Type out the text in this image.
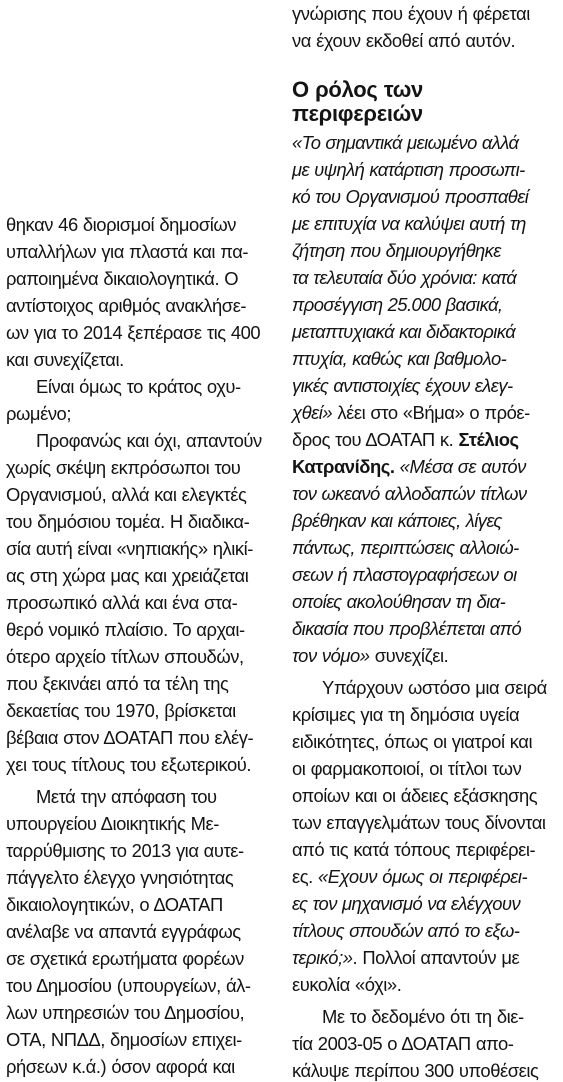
θηκαν 46 διορισμοί δημοσίων
υπαλλήλων για πλαστά και πα-
ραποιημένα δικαιολογητικά. Ο
αντίστοιχος αριθμός ανακλήσε-
ων για το 2014 ξεπέρασε τις 400
και συνεχίζεται.
Είναι όμως το κράτος οχυ-
ρωμένο;
Προφανώς και όχι, απαντούν
χωρίς σκέψη εκπρόσωποι του
Οργανισμού, αλλά και ελεγκτές
του δημόσιου τομέα. Η διαδικα-
σία αυτή είναι «νηπιακής» ηλικί-
ας στη χώρα μας και χρειάζεται
προσωπικό αλλά και ένα στα-
θερό νομικό πλαίσιο. Το αρχαι-
ότερο αρχείο τίτλων σπουδών,
που ξεκινάει από τα τέλη της
δεκαετίας του 1970, βρίσκεται
βέβαια στον ΔΟΑΤΑΠ που ελέγ-
χει τους τίτλους του εξωτερικού.
Μετά την απόφαση του
υπουργείου Διοικητικής Με-
ταρρύθμισης το 2013 για αυτε-
πάγγελτο έλεγχο γνησιότητας
δικαιολογητικών, ο ΔΟΑΤΑΠ
ανέλαβε να απαντά εγγράφως
σε σχετικά ερωτήματα φορέων
του Δημοσίου (υπουργείων, άλ-
λων υπηρεσιών του Δημοσίου,
ΟΤΑ, ΝΠΔΔ, δημοσίων επιχει-
ρήσεων κ.ά.) όσον αφορά και
γνώρισης που έχουν ή φέρεται
να έχουν εκδοθεί από αυτόν.
Ο ρόλος των
περιφερειών
«Το σημαντικά μειωμένο αλλά
με υψηλή κατάρτιση προσωπι-
κό του Οργανισμού προσπαθεί
με επιτυχία να καλύψει αυτή τη
ζήτηση που δημιουργήθηκε
τα τελευταία δύο χρόνια: κατά
προσέγγιση 25.000 βασικά,
μεταπτυχιακά και διδακτορικά
πτυχία, καθώς και βαθμολο-
γικές αντιστοιχίες έχουν ελεγ-
χθεί» λέει στο «Βήμα» ο πρόε-
δρος του ΔΟΑΤΑΠ κ. Στέλιος
Κατρανίδης. «Μέσα σε αυτόν
τον ωκεανό αλλοδαπών τίτλων
βρέθηκαν και κάποιες, λίγες
πάντως, περιπτώσεις αλλοιώ-
σεων ή πλαστογραφήσεων οι
οποίες ακολούθησαν τη δια-
δικασία που προβλέπεται από
τον νόμο» συνεχίζει.
Υπάρχουν ωστόσο μια σειρά
κρίσιμες για τη δημόσια υγεία
ειδικότητες, όπως οι γιατροί και
οι φαρμακοποιοί, οι τίτλοι των
οποίων και οι άδειες εξάσκησης
των επαγγελμάτων τους δίνονται
από τις κατά τόπους περιφέρει-
ες. «Εχουν όμως οι περιφέρει-
ες τον μηχανισμό να ελέγχουν
τίτλους σπουδών από το εξω-
τερικό;». Πολλοί απαντούν με
ευκολία «όχι».
Με το δεδομένο ότι τη διε-
τία 2003-05 ο ΔΟΑΤΑΠ απο-
κάλυψε περίπου 300 υποθέσεις
